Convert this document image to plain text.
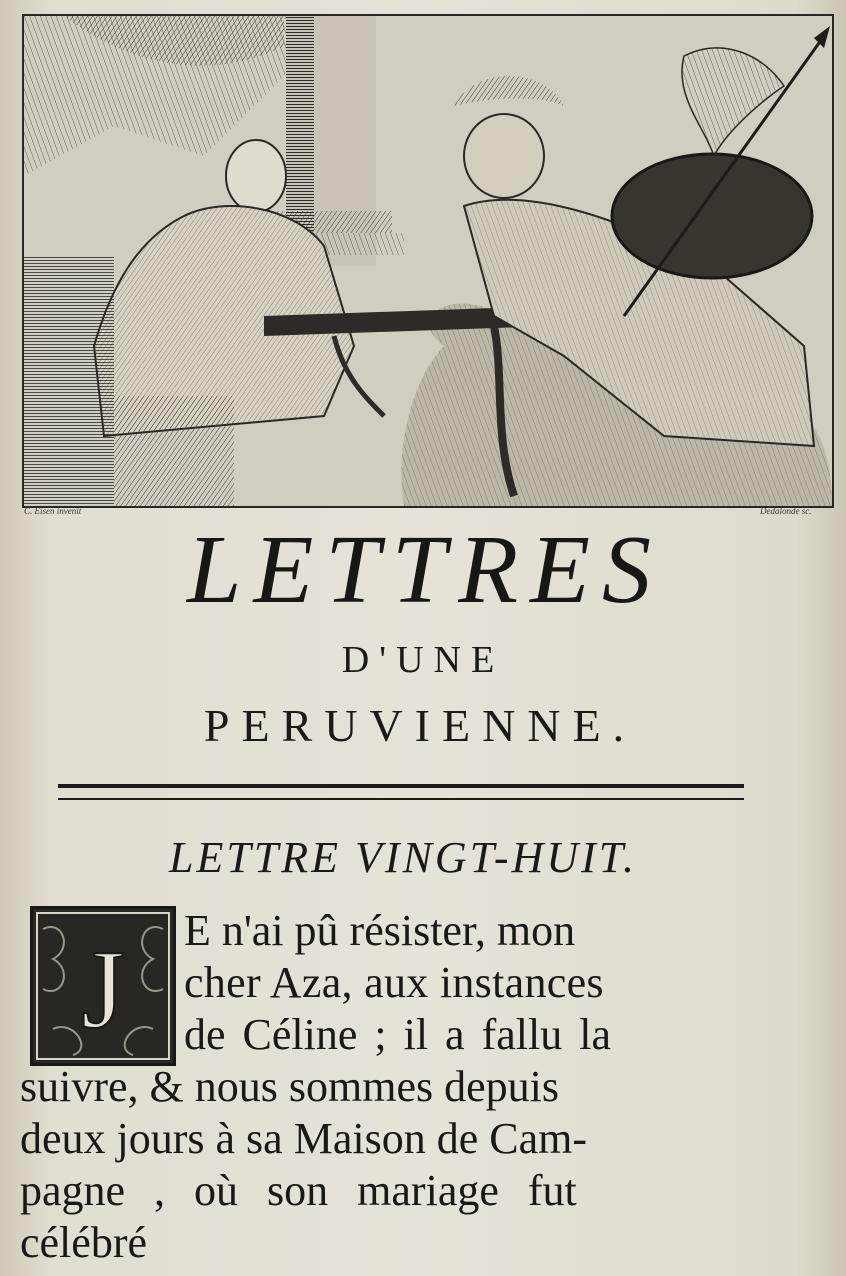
C. Eisen invenit	Dedalonde sc.
LETTRES
D'UNE
PERUVIENNE.
LETTRE VINGT-HUIT.
J E n'ai pû résister, mon
cher Aza, aux instances
de Céline ; il a fallu la
suivre, & nous sommes depuis
deux jours à sa Maison de Cam-
pagne , où son mariage fut
célébré
